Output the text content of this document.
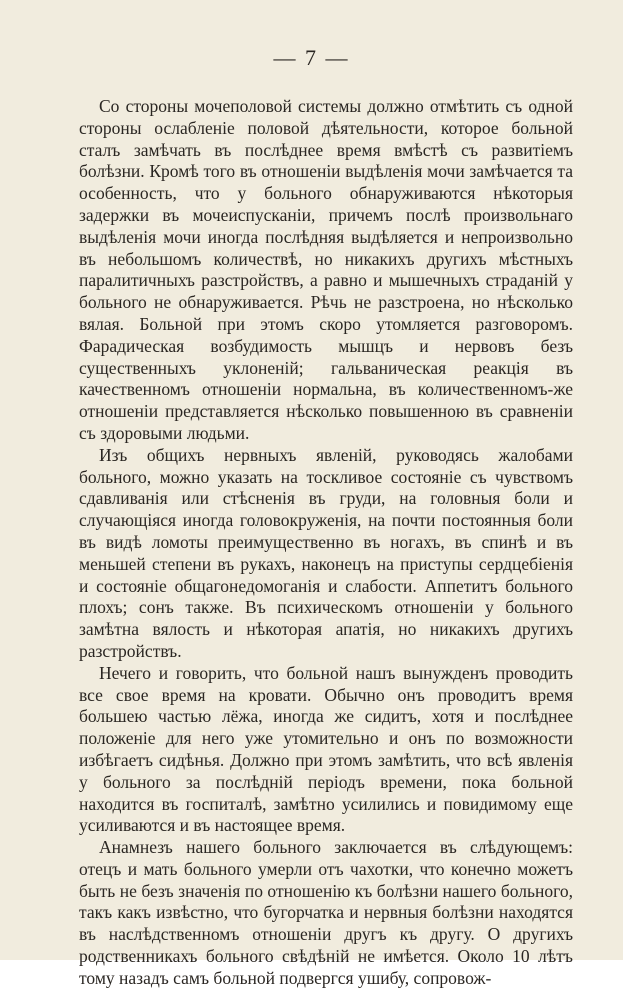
— 7 —

Со стороны мочеполовой системы должно отмѣтить съ одной стороны ослабленіе половой дѣятельности, которое больной сталъ замѣчать въ послѣднее время вмѣстѣ съ развитіемъ болѣзни. Кромѣ того въ отношеніи выдѣленія мочи замѣчается та особенность, что у больного обнаруживаются нѣкоторыя задержки въ мочеиспусканіи, причемъ послѣ произвольнаго выдѣленія мочи иногда послѣдняя выдѣляется и непроизвольно въ небольшомъ количествѣ, но никакихъ другихъ мѣстныхъ паралитичныхъ разстройствъ, а равно и мышечныхъ страданій у больного не обнаруживается. Рѣчь не разстроена, но нѣсколько вялая. Больной при этомъ скоро утомляется разговоромъ. Фарадическая возбудимость мышцъ и нервовъ безъ существенныхъ уклоненій; гальваническая реакція въ качественномъ отношеніи нормальна, въ количественномъ-же отношеніи представляется нѣсколько повышенною въ сравненіи съ здоровыми людьми.

Изъ общихъ нервныхъ явленій, руководясь жалобами больного, можно указать на тоскливое состояніе съ чувствомъ сдавливанія или стѣсненія въ груди, на головныя боли и случающіяся иногда головокруженія, на почти постоянныя боли въ видѣ ломоты преимущественно въ ногахъ, въ спинѣ и въ меньшей степени въ рукахъ, наконецъ на приступы сердцебіенія и состояніе общагонедомоганія и слабости. Аппетитъ больного плохъ; сонъ также. Въ психическомъ отношеніи у больного замѣтна вялость и нѣкоторая апатія, но никакихъ другихъ разстройствъ.

Нечего и говорить, что больной нашъ вынужденъ проводить все свое время на кровати. Обычно онъ проводитъ время большею частью лёжа, иногда же сидитъ, хотя и послѣднее положеніе для него уже утомительно и онъ по возможности избѣгаетъ сидѣнья. Должно при этомъ замѣтить, что всѣ явленія у больного за послѣдній періодъ времени, пока больной находится въ госпиталѣ, замѣтно усилились и повидимому еще усиливаются и въ настоящее время.

Анамнезъ нашего больного заключается въ слѣдующемъ: отецъ и мать больного умерли отъ чахотки, что конечно можетъ быть не безъ значенія по отношенію къ болѣзни нашего больного, такъ какъ извѣстно, что бугорчатка и нервныя болѣзни находятся въ наслѣдственномъ отношеніи другъ къ другу. О другихъ родственникахъ больного свѣдѣній не имѣется. Около 10 лѣтъ тому назадъ самъ больной подвергся ушибу, сопровож-
